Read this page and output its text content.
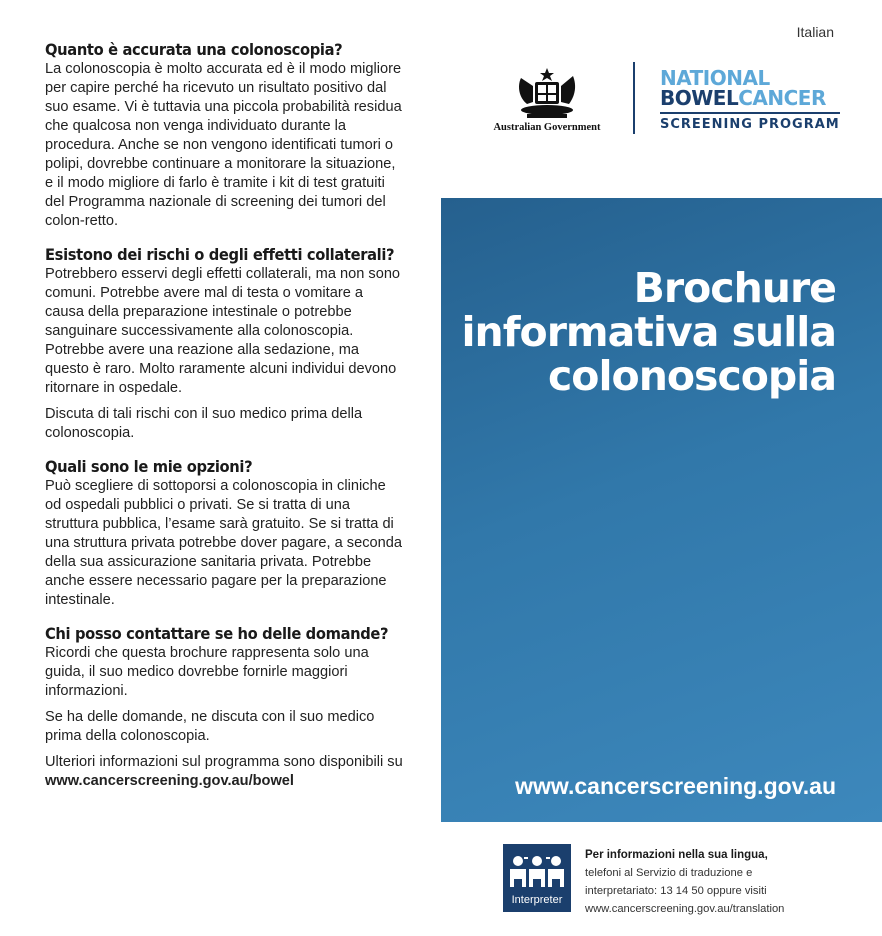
Italian
Quanto è accurata una colonoscopia?

La colonoscopia è molto accurata ed è il modo migliore per capire perché ha ricevuto un risultato positivo dal suo esame. Vi è tuttavia una piccola probabilità residua che qualcosa non venga individuato durante la procedura. Anche se non vengono identificati tumori o polipi, dovrebbe continuare a monitorare la situazione, e il modo migliore di farlo è tramite i kit di test gratuiti del Programma nazionale di screening dei tumori del colon-retto.

Esistono dei rischi o degli effetti collaterali?

Potrebbero esservi degli effetti collaterali, ma non sono comuni. Potrebbe avere mal di testa o vomitare a causa della preparazione intestinale o potrebbe sanguinare successivamente alla colonoscopia. Potrebbe avere una reazione alla sedazione, ma questo è raro. Molto raramente alcuni individui devono ritornare in ospedale.

Discuta di tali rischi con il suo medico prima della colonoscopia.

Quali sono le mie opzioni?

Può scegliere di sottoporsi a colonoscopia in cliniche od ospedali pubblici o privati. Se si tratta di una struttura pubblica, l’esame sarà gratuito. Se si tratta di una struttura privata potrebbe dover pagare, a seconda della sua assicurazione sanitaria privata. Potrebbe anche essere necessario pagare per la preparazione intestinale.

Chi posso contattare se ho delle domande?

Ricordi che questa brochure rappresenta solo una guida, il suo medico dovrebbe fornirle maggiori informazioni.

Se ha delle domande, ne discuta con il suo medico prima della colonoscopia.

Ulteriori informazioni sul programma sono disponibili su www.cancerscreening.gov.au/bowel

Australian Government
NATIONAL
BOWELCANCER
SCREENING PROGRAM
Brochure
informativa sulla
colonoscopia
www.cancerscreening.gov.au
Interpreter
Per informazioni nella sua lingua,
telefoni al Servizio di traduzione e
interpretariato: 13 14 50 oppure visiti
www.cancerscreening.gov.au/translation
